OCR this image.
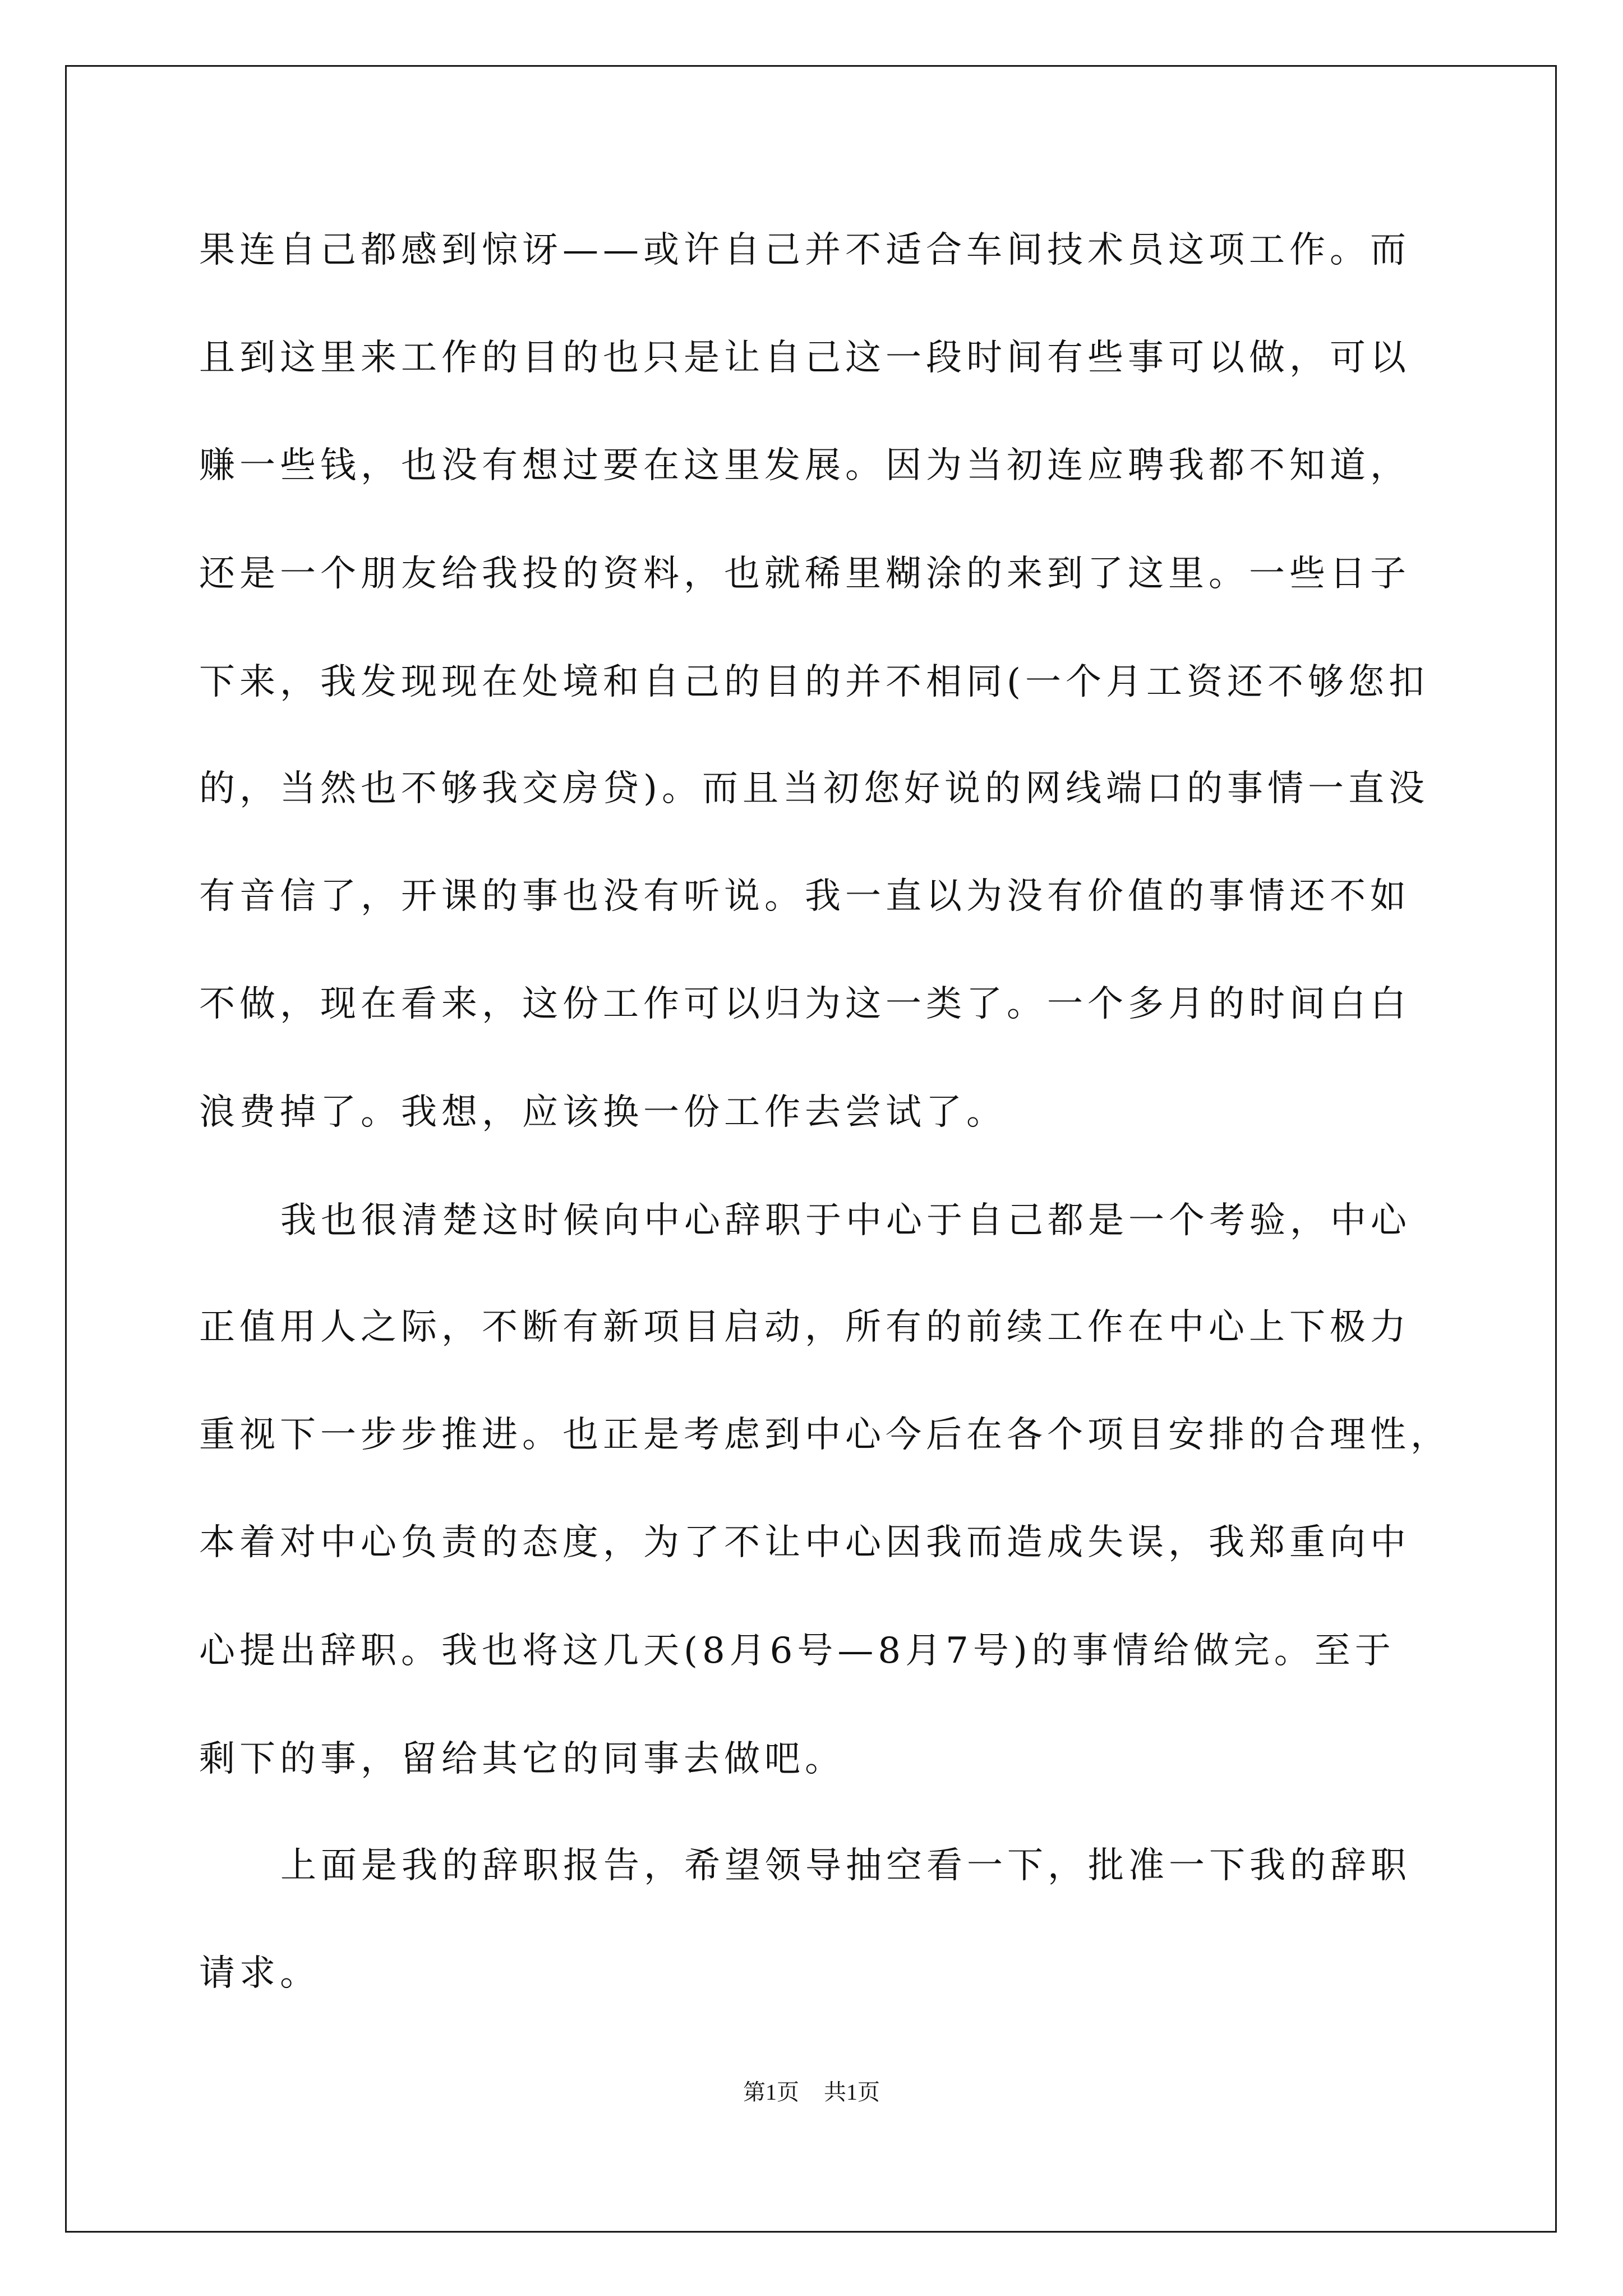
果连自己都感到惊讶——或许自己并不适合车间技术员这项工作。而

且到这里来工作的目的也只是让自己这一段时间有些事可以做，可以

赚一些钱，也没有想过要在这里发展。因为当初连应聘我都不知道，

还是一个朋友给我投的资料，也就稀里糊涂的来到了这里。一些日子

下来，我发现现在处境和自己的目的并不相同(一个月工资还不够您扣

的，当然也不够我交房贷)。而且当初您好说的网线端口的事情一直没

有音信了，开课的事也没有听说。我一直以为没有价值的事情还不如

不做，现在看来，这份工作可以归为这一类了。一个多月的时间白白

浪费掉了。我想，应该换一份工作去尝试了。

我也很清楚这时候向中心辞职于中心于自己都是一个考验，中心

正值用人之际，不断有新项目启动，所有的前续工作在中心上下极力

重视下一步步推进。也正是考虑到中心今后在各个项目安排的合理性，

本着对中心负责的态度，为了不让中心因我而造成失误，我郑重向中

心提出辞职。我也将这几天(8月6号—8月7号)的事情给做完。至于

剩下的事，留给其它的同事去做吧。

上面是我的辞职报告，希望领导抽空看一下，批准一下我的辞职

请求。

第1页 共1页
